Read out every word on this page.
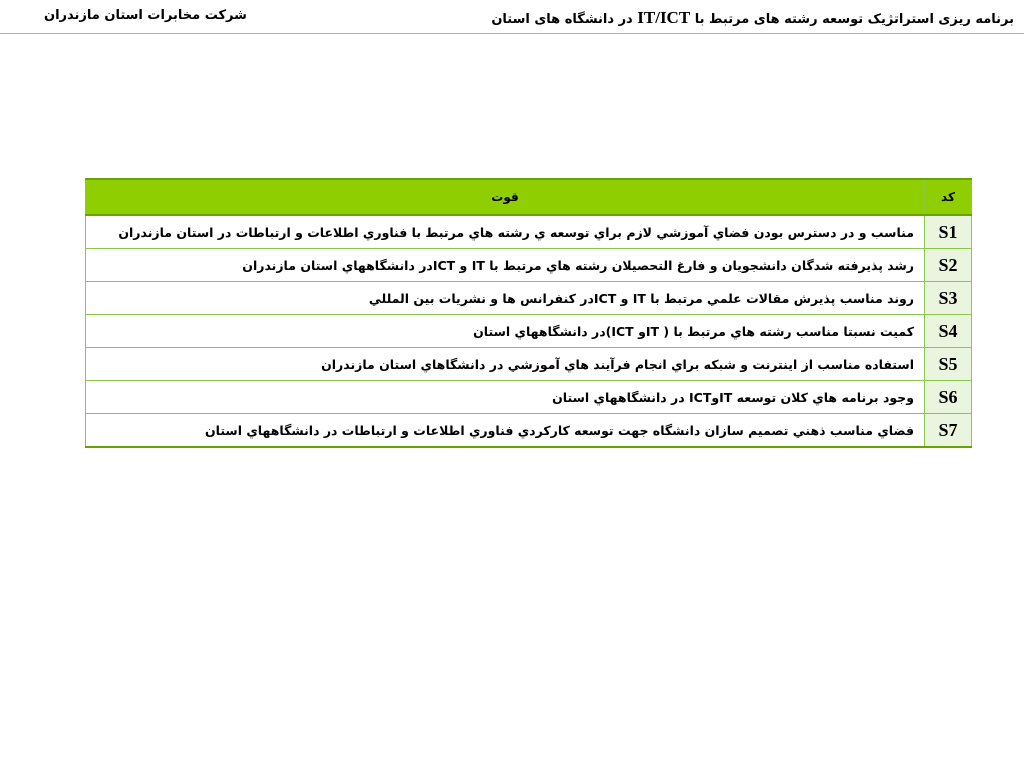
برنامه ریزی استراتژیک توسعه رشته های مرتبط با IT/ICT در دانشگاه های استان
شرکت مخابرات استان مازندران
کد	قوت
S1	مناسب و در دسترس بودن فضاي آموزشي لازم براي توسعه ي رشته هاي مرتبط با فناوري اطلاعات و ارتباطات در استان مازندران
S2	رشد پذيرفته شدگان دانشجويان و فارغ التحصيلان رشته هاي مرتبط با IT و ICTدر دانشگاههاي استان مازندران
S3	روند مناسب پذيرش مقالات علمي مرتبط با IT و ICTدر كنفرانس ها و نشريات بين المللي
S4	كميت نسبتا مناسب رشته هاي مرتبط با ( ITو ICT)در دانشگاههاي استان
S5	استفاده مناسب از اينترنت و شبكه براي انجام فرآيند هاي آموزشي در دانشگاهاي استان مازندران
S6	وجود برنامه هاي كلان توسعه ITوICT در دانشگاههاي استان
S7	فضاي مناسب ذهني تصميم سازان دانشگاه جهت توسعه كاركردي فناوري اطلاعات و ارتباطات در دانشگاههاي استان
